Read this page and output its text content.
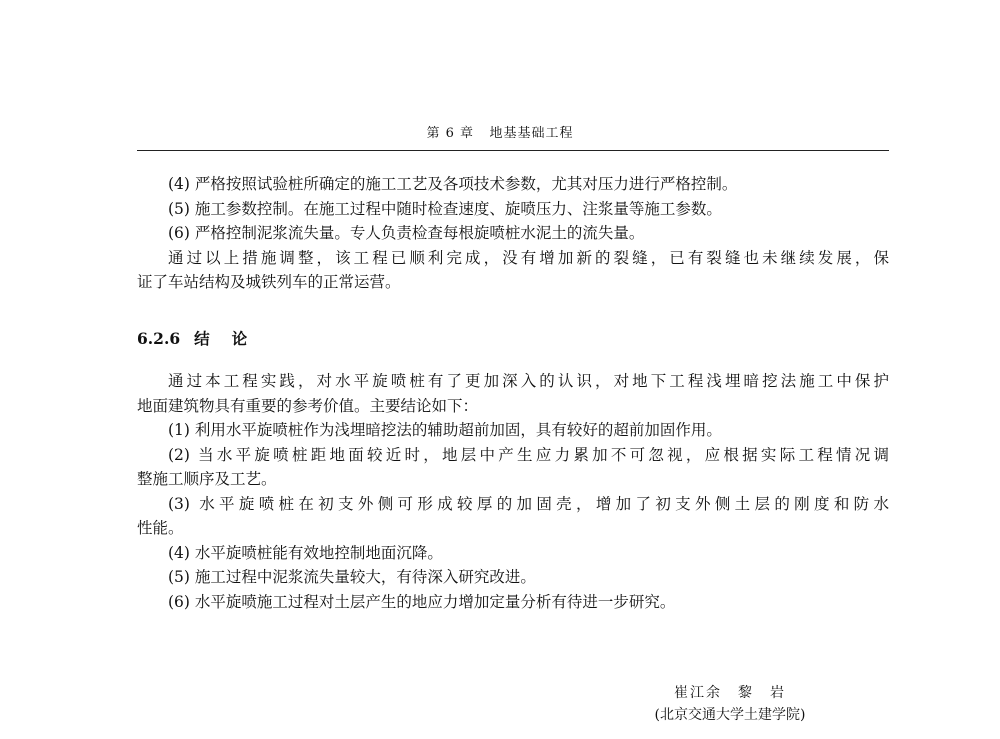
第 6 章 地基基础工程
(4) 严格按照试验桩所确定的施工工艺及各项技术参数，尤其对压力进行严格控制。
(5) 施工参数控制。在施工过程中随时检查速度、旋喷压力、注浆量等施工参数。
(6) 严格控制泥浆流失量。专人负责检查每根旋喷桩水泥土的流失量。
通过以上措施调整，该工程已顺利完成，没有增加新的裂缝，已有裂缝也未继续发展，保
证了车站结构及城铁列车的正常运营。
6.2.6 结论
通过本工程实践，对水平旋喷桩有了更加深入的认识，对地下工程浅埋暗挖法施工中保护
地面建筑物具有重要的参考价值。主要结论如下：
(1) 利用水平旋喷桩作为浅埋暗挖法的辅助超前加固，具有较好的超前加固作用。
(2) 当水平旋喷桩距地面较近时，地层中产生应力累加不可忽视，应根据实际工程情况调
整施工顺序及工艺。
(3) 水平旋喷桩在初支外侧可形成较厚的加固壳，增加了初支外侧土层的刚度和防水
性能。
(4) 水平旋喷桩能有效地控制地面沉降。
(5) 施工过程中泥浆流失量较大，有待深入研究改进。
(6) 水平旋喷施工过程对土层产生的地应力增加定量分析有待进一步研究。
崔江余　黎　岩
(北京交通大学土建学院)
